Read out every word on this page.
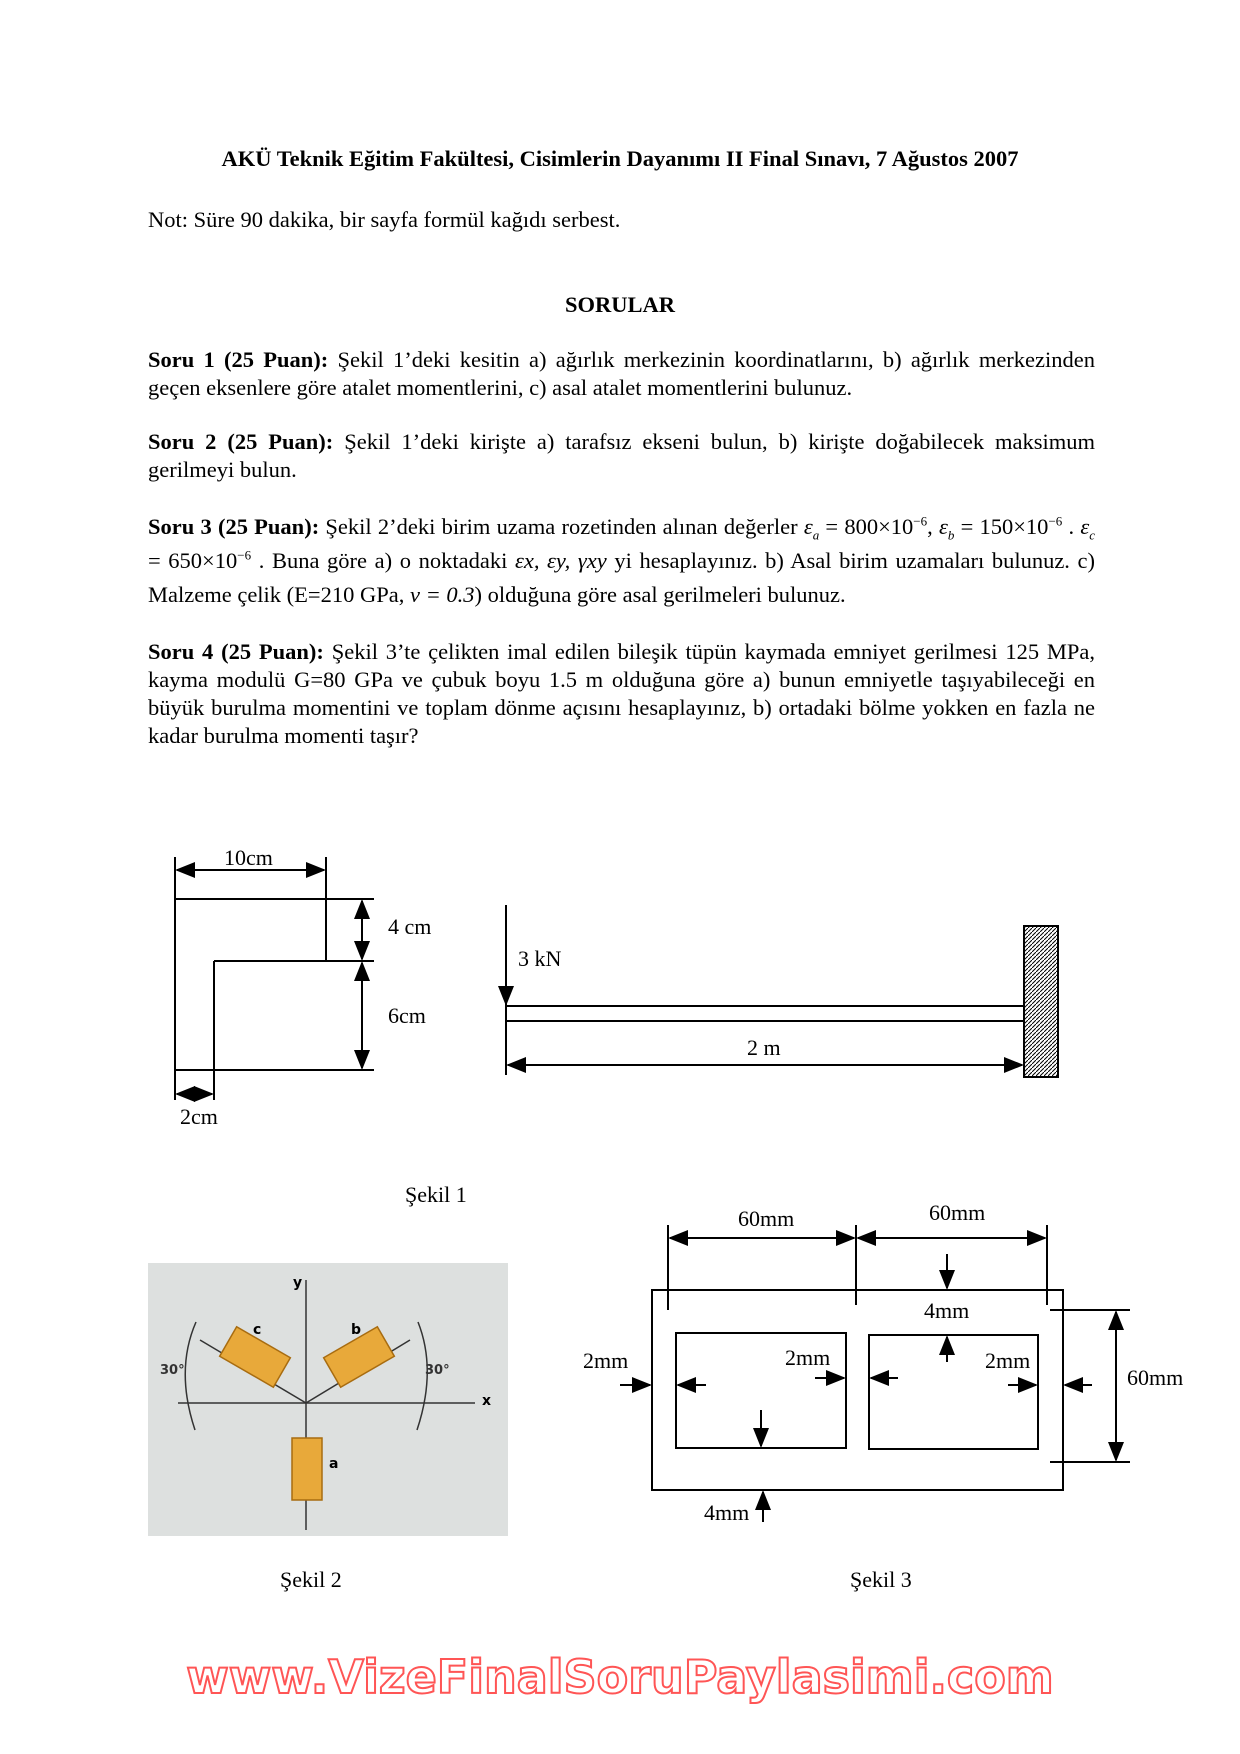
AKÜ Teknik Eğitim Fakültesi, Cisimlerin Dayanımı II Final Sınavı, 7 Ağustos 2007
Not: Süre 90 dakika, bir sayfa formül kağıdı serbest.
SORULAR
Soru 1 (25 Puan): Şekil 1’deki kesitin a) ağırlık merkezinin koordinatlarını, b) ağırlık merkezinden geçen eksenlere göre atalet momentlerini, c) asal atalet momentlerini bulunuz.
Soru 2 (25 Puan): Şekil 1’deki kirişte a) tarafsız ekseni bulun, b) kirişte doğabilecek maksimum gerilmeyi bulun.
Soru 3 (25 Puan): Şekil 2’deki birim uzama rozetinden alınan değerler $\varepsilon_a = 800\times 10^{-6}$, $\varepsilon_b = 150\times 10^{-6}$ . $\varepsilon_c = 650\times 10^{-6}$ . Buna göre a) o noktadaki εx, εy, γxy yi hesaplayınız. b) Asal birim uzamaları bulunuz. c) Malzeme çelik (E=210 GPa, ν = 0.3) olduğuna göre asal gerilmeleri bulunuz.
Soru 4 (25 Puan): Şekil 3’te çelikten imal edilen bileşik tüpün kaymada emniyet gerilmesi 125 MPa, kayma modulü G=80 GPa ve çubuk boyu 1.5 m olduğuna göre a) bunun emniyetle taşıyabileceği en büyük burulma momentini ve toplam dönme açısını hesaplayınız, b) ortadaki bölme yokken en fazla ne kadar burulma momenti taşır?
10cm
4 cm
6cm
2cm
3 kN
2 m
Şekil 1
y
x
c	b
a
30°	30°
Şekil 2
60mm	60mm
60mm
4mm
4mm
2mm	2mm	2mm
Şekil 3
www.VizeFinalSoruPaylasimi.com
